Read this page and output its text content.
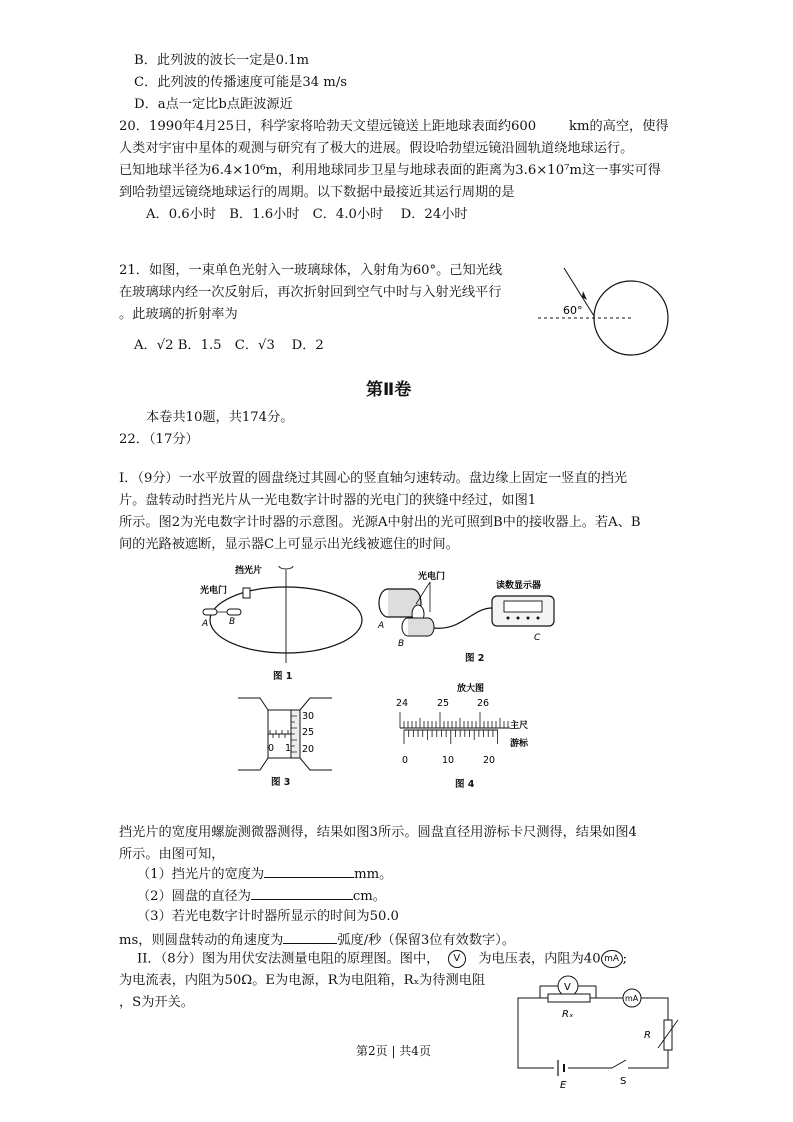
B．此列波的波长一定是0.1m
C．此列波的传播速度可能是34 m/s
D．a点一定比b点距波源近
20．1990年4月25日，科学家将哈勃天文望远镜送上距地球表面约600 km的高空，使得
人类对宇宙中星体的观测与研究有了极大的进展。假设哈勃望远镜沿圆轨道绕地球运行。
已知地球半径为6.4×10⁶m，利用地球同步卫星与地球表面的距离为3.6×10⁷m这一事实可得
到哈勃望远镜绕地球运行的周期。以下数据中最接近其运行周期的是
A．0.6小时　B．1.6小时　C．4.0小时　 D．24小时
21．如图，一束单色光射入一玻璃球体，入射角为60°。己知光线
在玻璃球内经一次反射后，再次折射回到空气中时与入射光线平行
。此玻璃的折射率为
A．√2 B．1.5　C．√3 D．2
60°
第Ⅱ卷
本卷共10题，共174分。
22．（17分）
I．（9分）一水平放置的圆盘绕过其圆心的竖直轴匀速转动。盘边缘上固定一竖直的挡光
片。盘转动时挡光片从一光电数字计时器的光电门的狭缝中经过，如图1
所示。图2为光电数字计时器的示意图。光源A中射出的光可照到B中的接收器上。若A、B
间的光路被遮断，显示器C上可显示出光线被遮住的时间。
挡光片
光电门
A B
图 1
光电门
读数显示器
A
B
C
图 2
30
25
20
0 1
图 3
放大图
24	25	26
主尺
游标
0	10	20
图 4
挡光片的宽度用螺旋测微器测得，结果如图3所示。圆盘直径用游标卡尺测得，结果如图4
所示。由图可知，
（1）挡光片的宽度为	mm。
（2）圆盘的直径为	cm。
（3）若光电数字计时器所显示的时间为50.0
ms，则圆盘转动的角速度为	弧度/秒（保留3位有效数字）。
II．（8分）图为用伏安法测量电阻的原理图。图中， V 为电压表，内阻为40 mA ;
为电流表，内阻为50Ω。E为电源，R为电阻箱，Rₓ为待测电阻
，S为开关。
V
Rₓ
mA
R
E	S
第2页 | 共4页
